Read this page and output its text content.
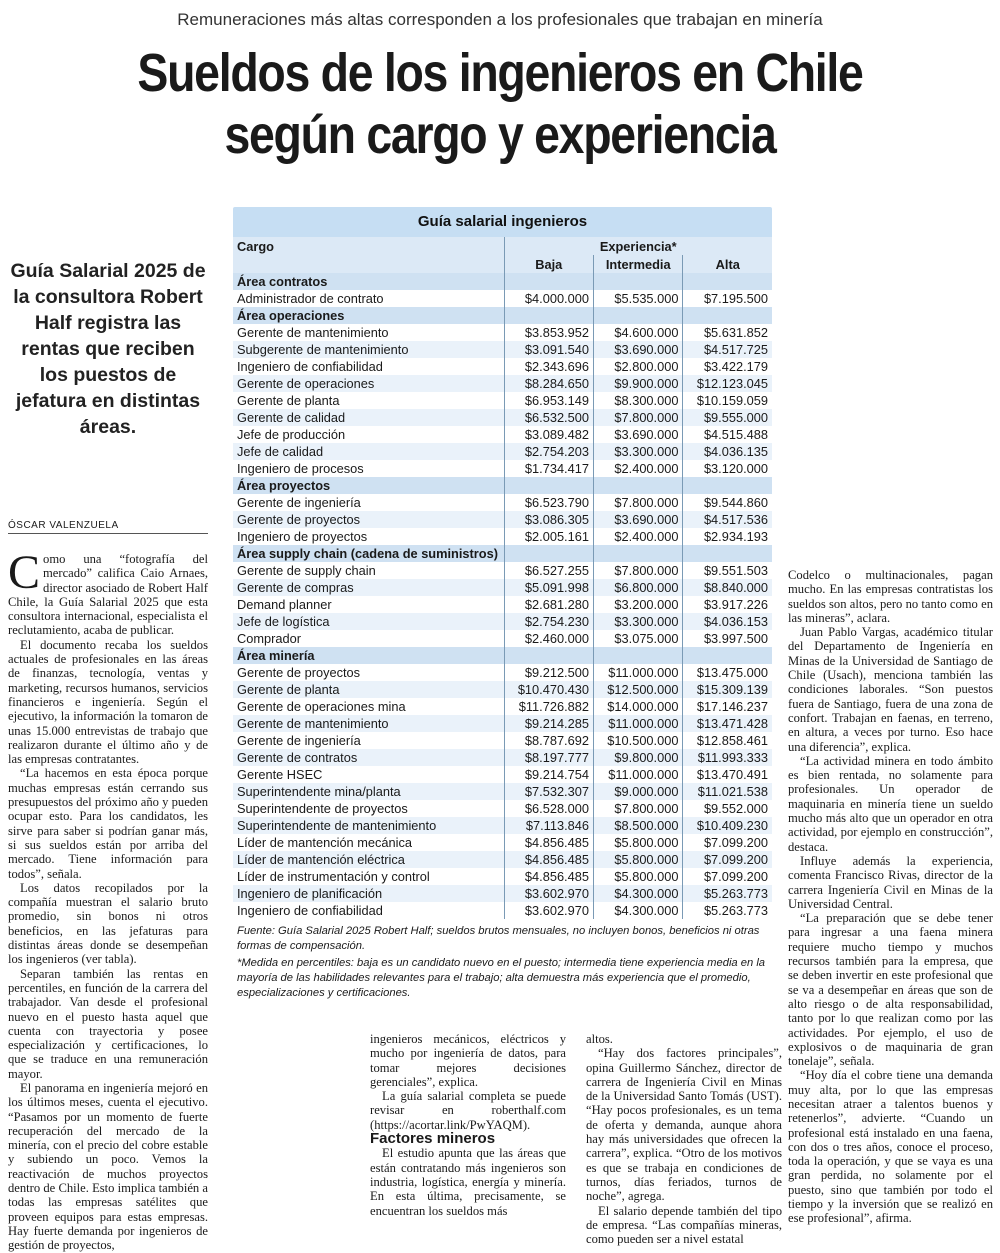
Remuneraciones más altas corresponden a los profesionales que trabajan en minería
Sueldos de los ingenieros en Chile
según cargo y experiencia
Guía Salarial 2025 de la consultora Robert Half registra las rentas que reciben los puestos de jefatura en distintas áreas.
ÓSCAR VALENZUELA

Como una “fotografía del mercado” califica Caio Arnaes, director asociado de Robert Half Chile, la Guía Salarial 2025 que esta consultora internacional, especialista el reclutamiento, acaba de publicar.

El documento recaba los sueldos actuales de profesionales en las áreas de finanzas, tecnología, ventas y marketing, recursos humanos, servicios financieros e ingeniería. Según el ejecutivo, la información la tomaron de unas 15.000 entrevistas de trabajo que realizaron durante el último año y de las empresas contratantes.

“La hacemos en esta época porque muchas empresas están cerrando sus presupuestos del próximo año y pueden ocupar esto. Para los candidatos, les sirve para saber si podrían ganar más, si sus sueldos están por arriba del mercado. Tiene información para todos”, señala.

Los datos recopilados por la compañía muestran el salario bruto promedio, sin bonos ni otros beneficios, en las jefaturas para distintas áreas donde se desempeñan los ingenieros (ver tabla).

Separan también las rentas en percentiles, en función de la carrera del trabajador. Van desde el profesional nuevo en el puesto hasta aquel que cuenta con trayectoria y posee especialización y certificaciones, lo que se traduce en una remuneración mayor.

El panorama en ingeniería mejoró en los últimos meses, cuenta el ejecutivo. “Pasamos por un momento de fuerte recuperación del mercado de la minería, con el precio del cobre estable y subiendo un poco. Vemos la reactivación de muchos proyectos dentro de Chile. Esto implica también a todas las empresas satélites que proveen equipos para estas empresas. Hay fuerte demanda por ingenieros de gestión de proyectos,

Guía salarial ingenieros
Cargo	Experiencia*		
	Baja	Intermedia	Alta
Área contratos			
Administrador de contrato	$4.000.000	$5.535.000	$7.195.500
Área operaciones			
Gerente de mantenimiento	$3.853.952	$4.600.000	$5.631.852
Subgerente de mantenimiento	$3.091.540	$3.690.000	$4.517.725
Ingeniero de confiabilidad	$2.343.696	$2.800.000	$3.422.179
Gerente de operaciones	$8.284.650	$9.900.000	$12.123.045
Gerente de planta	$6.953.149	$8.300.000	$10.159.059
Gerente de calidad	$6.532.500	$7.800.000	$9.555.000
Jefe de producción	$3.089.482	$3.690.000	$4.515.488
Jefe de calidad	$2.754.203	$3.300.000	$4.036.135
Ingeniero de procesos	$1.734.417	$2.400.000	$3.120.000
Área proyectos			
Gerente de ingeniería	$6.523.790	$7.800.000	$9.544.860
Gerente de proyectos	$3.086.305	$3.690.000	$4.517.536
Ingeniero de proyectos	$2.005.161	$2.400.000	$2.934.193
Área supply chain (cadena de suministros)			
Gerente de supply chain	$6.527.255	$7.800.000	$9.551.503
Gerente de compras	$5.091.998	$6.800.000	$8.840.000
Demand planner	$2.681.280	$3.200.000	$3.917.226
Jefe de logística	$2.754.230	$3.300.000	$4.036.153
Comprador	$2.460.000	$3.075.000	$3.997.500
Área minería			
Gerente de proyectos	$9.212.500	$11.000.000	$13.475.000
Gerente de planta	$10.470.430	$12.500.000	$15.309.139
Gerente de operaciones mina	$11.726.882	$14.000.000	$17.146.237
Gerente de mantenimiento	$9.214.285	$11.000.000	$13.471.428
Gerente de ingeniería	$8.787.692	$10.500.000	$12.858.461
Gerente de contratos	$8.197.777	$9.800.000	$11.993.333
Gerente HSEC	$9.214.754	$11.000.000	$13.470.491
Superintendente mina/planta	$7.532.307	$9.000.000	$11.021.538
Superintendente de proyectos	$6.528.000	$7.800.000	$9.552.000
Superintendente de mantenimiento	$7.113.846	$8.500.000	$10.409.230
Líder de mantención mecánica	$4.856.485	$5.800.000	$7.099.200
Líder de mantención eléctrica	$4.856.485	$5.800.000	$7.099.200
Líder de instrumentación y control	$4.856.485	$5.800.000	$7.099.200
Ingeniero de planificación	$3.602.970	$4.300.000	$5.263.773
Ingeniero de confiabilidad	$3.602.970	$4.300.000	$5.263.773

Fuente: Guía Salarial 2025 Robert Half; sueldos brutos mensuales, no incluyen bonos, beneficios ni otras formas de compensación.

*Medida en percentiles: baja es un candidato nuevo en el puesto; intermedia tiene experiencia media en la mayoría de las habilidades relevantes para el trabajo; alta demuestra más experiencia que el promedio, especializaciones y certificaciones.

ingenieros mecánicos, eléctricos y mucho por ingeniería de datos, para tomar mejores decisiones gerenciales”, explica.

La guía salarial completa se puede revisar en roberthalf.com (https://acortar.link/PwYAQM).

Factores mineros

El estudio apunta que las áreas que están contratando más ingenieros son industria, logística, energía y minería. En esta última, precisamente, se encuentran los sueldos más

altos.

“Hay dos factores principales”, opina Guillermo Sánchez, director de carrera de Ingeniería Civil en Minas de la Universidad Santo Tomás (UST). “Hay pocos profesionales, es un tema de oferta y demanda, aunque ahora hay más universidades que ofrecen la carrera”, explica. “Otro de los motivos es que se trabaja en condiciones de turnos, días feriados, turnos de noche”, agrega.

El salario depende también del tipo de empresa. “Las compañías mineras, como pueden ser a nivel estatal

Codelco o multinacionales, pagan mucho. En las empresas contratistas los sueldos son altos, pero no tanto como en las mineras”, aclara.

Juan Pablo Vargas, académico titular del Departamento de Ingeniería en Minas de la Universidad de Santiago de Chile (Usach), menciona también las condiciones laborales. “Son puestos fuera de Santiago, fuera de una zona de confort. Trabajan en faenas, en terreno, en altura, a veces por turno. Eso hace una diferencia”, explica.

“La actividad minera en todo ámbito es bien rentada, no solamente para profesionales. Un operador de maquinaria en minería tiene un sueldo mucho más alto que un operador en otra actividad, por ejemplo en construcción”, destaca.

Influye además la experiencia, comenta Francisco Rivas, director de la carrera Ingeniería Civil en Minas de la Universidad Central.

“La preparación que se debe tener para ingresar a una faena minera requiere mucho tiempo y muchos recursos también para la empresa, que se deben invertir en este profesional que se va a desempeñar en áreas que son de alto riesgo o de alta responsabilidad, tanto por lo que realizan como por las actividades. Por ejemplo, el uso de explosivos o de maquinaria de gran tonelaje”, señala.

“Hoy día el cobre tiene una demanda muy alta, por lo que las empresas necesitan atraer a talentos buenos y retenerlos”, advierte. “Cuando un profesional está instalado en una faena, con dos o tres años, conoce el proceso, toda la operación, y que se vaya es una gran perdida, no solamente por el puesto, sino que también por todo el tiempo y la inversión que se realizó en ese profesional”, afirma.
